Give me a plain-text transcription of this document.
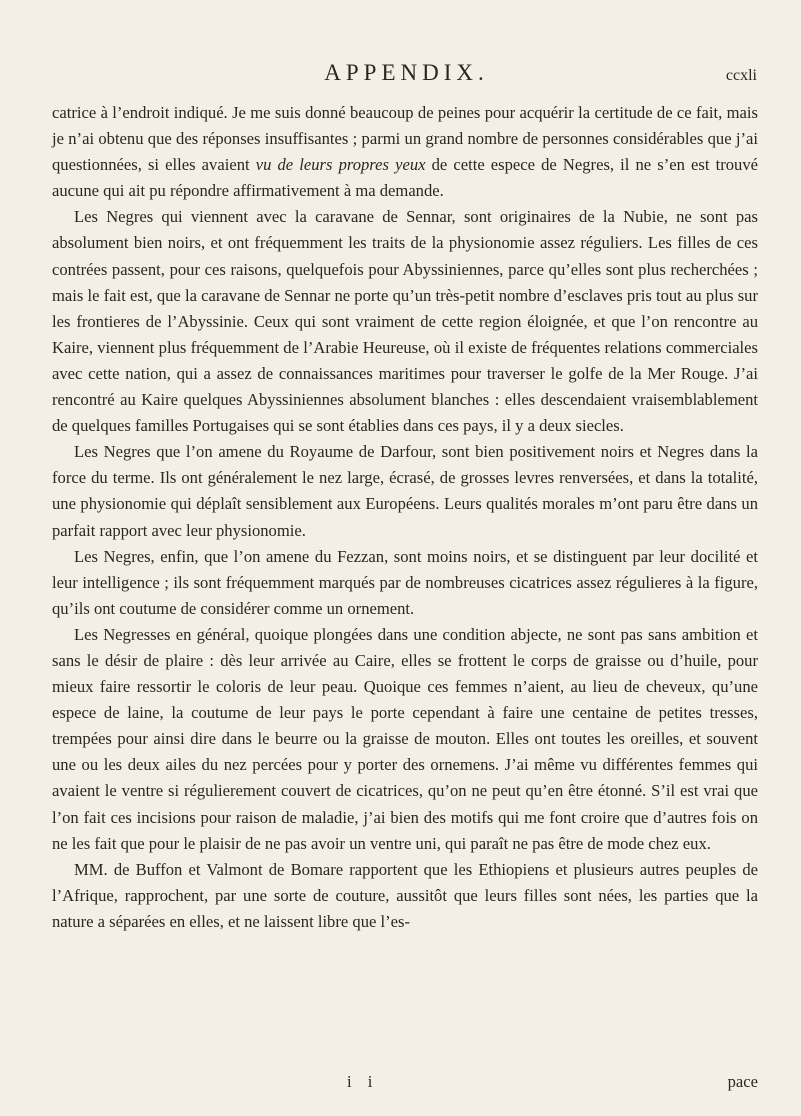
APPENDIX.	ccxli

catrice à l’endroit indiqué. Je me suis donné beaucoup de peines pour acquérir la certitude de ce fait, mais je n’ai obtenu que des réponses insuffisantes ; parmi un grand nombre de personnes considérables que j’ai questionnées, si elles avaient vu de leurs propres yeux de cette espece de Negres, il ne s’en est trouvé aucune qui ait pu répondre affirmativement à ma demande.

Les Negres qui viennent avec la caravane de Sennar, sont originaires de la Nubie, ne sont pas absolument bien noirs, et ont fréquemment les traits de la physionomie assez réguliers. Les filles de ces contrées passent, pour ces raisons, quelquefois pour Abyssiniennes, parce qu’elles sont plus recherchées ; mais le fait est, que la caravane de Sennar ne porte qu’un très-petit nombre d’esclaves pris tout au plus sur les frontieres de l’Abyssinie. Ceux qui sont vraiment de cette region éloignée, et que l’on rencontre au Kaire, viennent plus fréquemment de l’Arabie Heureuse, où il existe de fréquentes relations commerciales avec cette nation, qui a assez de connaissances maritimes pour traverser le golfe de la Mer Rouge. J’ai rencontré au Kaire quelques Abyssiniennes absolument blanches : elles descendaient vraisemblablement de quelques familles Portugaises qui se sont établies dans ces pays, il y a deux siecles.

Les Negres que l’on amene du Royaume de Darfour, sont bien positivement noirs et Negres dans la force du terme. Ils ont généralement le nez large, écrasé, de grosses levres renversées, et dans la totalité, une physionomie qui déplaît sensiblement aux Européens. Leurs qualités morales m’ont paru être dans un parfait rapport avec leur physionomie.

Les Negres, enfin, que l’on amene du Fezzan, sont moins noirs, et se distinguent par leur docilité et leur intelligence ; ils sont fréquemment marqués par de nombreuses cicatrices assez régulieres à la figure, qu’ils ont coutume de considérer comme un ornement.

Les Negresses en général, quoique plongées dans une condition abjecte, ne sont pas sans ambition et sans le désir de plaire : dès leur arrivée au Caire, elles se frottent le corps de graisse ou d’huile, pour mieux faire ressortir le coloris de leur peau. Quoique ces femmes n’aient, au lieu de cheveux, qu’une espece de laine, la coutume de leur pays le porte cependant à faire une centaine de petites tresses, trempées pour ainsi dire dans le beurre ou la graisse de mouton. Elles ont toutes les oreilles, et souvent une ou les deux ailes du nez percées pour y porter des ornemens. J’ai même vu différentes femmes qui avaient le ventre si régulierement couvert de cicatrices, qu’on ne peut qu’en être étonné. S’il est vrai que l’on fait ces incisions pour raison de maladie, j’ai bien des motifs qui me font croire que d’autres fois on ne les fait que pour le plaisir de ne pas avoir un ventre uni, qui paraît ne pas être de mode chez eux.

MM. de Buffon et Valmont de Bomare rapportent que les Ethiopiens et plusieurs autres peuples de l’Afrique, rapprochent, par une sorte de couture, aussitôt que leurs filles sont nées, les parties que la nature a séparées en elles, et ne laissent libre que l’es-

i i	pace
